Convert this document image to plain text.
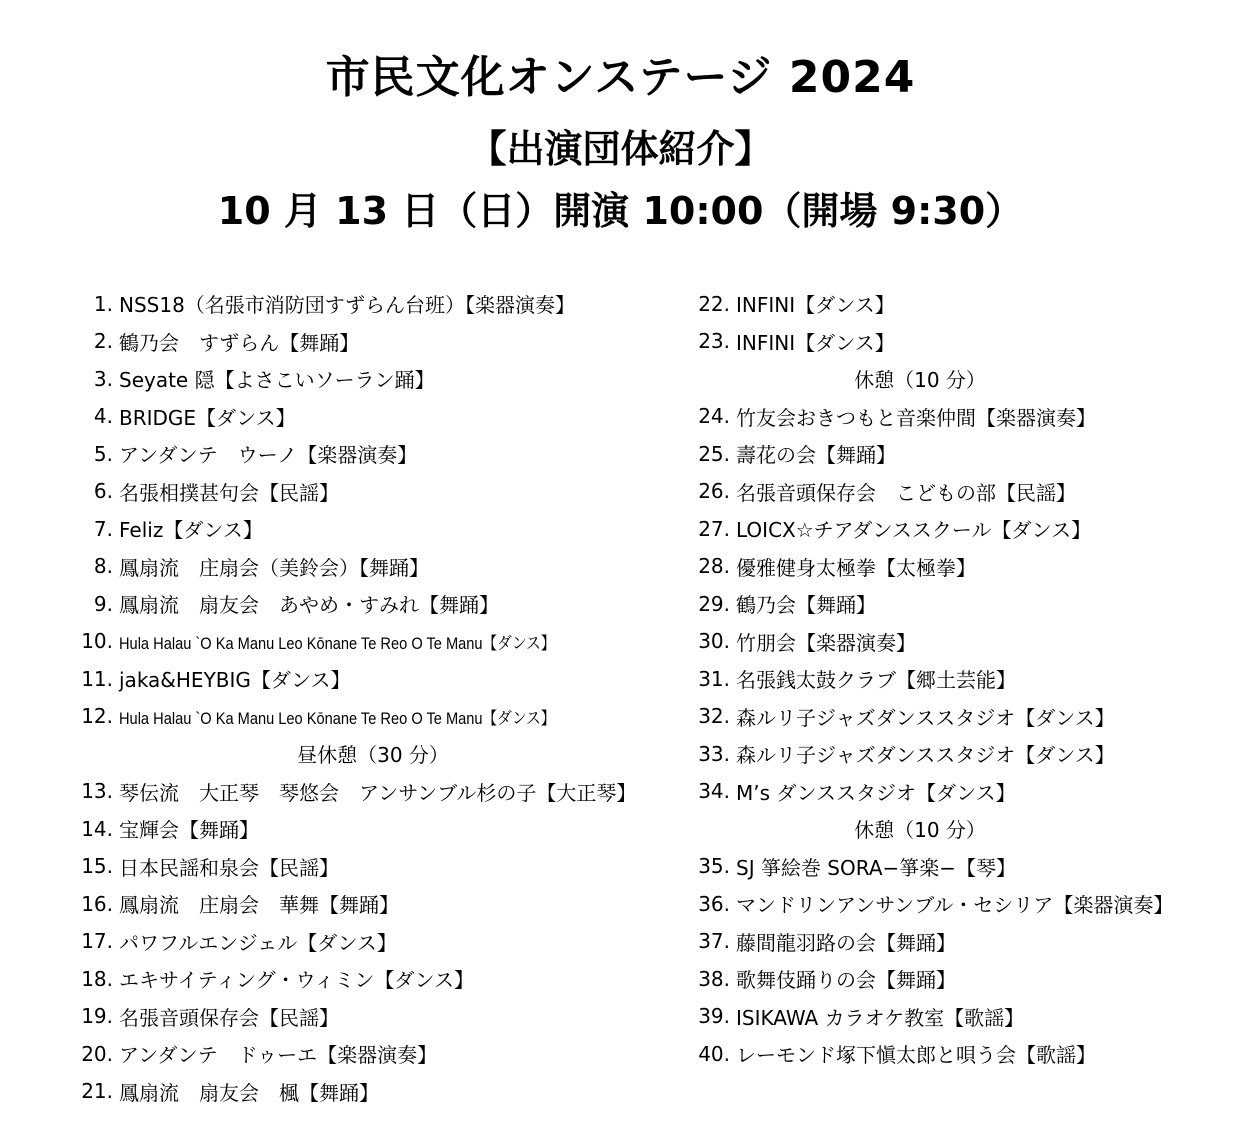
市民文化オンステージ 2024
【出演団体紹介】
10 月 13 日（日）開演 10:00（開場 9:30）
1. NSS18（名張市消防団すずらん台班）【楽器演奏】
2. 鶴乃会　すずらん【舞踊】
3. Seyate 隠【よさこいソーラン踊】
4. BRIDGE【ダンス】
5. アンダンテ　ウーノ【楽器演奏】
6. 名張相撲甚句会【民謡】
7. Feliz【ダンス】
8. 鳳扇流　庄扇会（美鈴会）【舞踊】
9. 鳳扇流　扇友会　あやめ・すみれ【舞踊】
10. Hula Halau `O Ka Manu Leo Kōnane Te Reo O Te Manu【ダンス】
11. jaka&HEYBIG【ダンス】
12. Hula Halau `O Ka Manu Leo Kōnane Te Reo O Te Manu【ダンス】
昼休憩（30 分）
13. 琴伝流　大正琴　琴悠会　アンサンブル杉の子【大正琴】
14. 宝輝会【舞踊】
15. 日本民謡和泉会【民謡】
16. 鳳扇流　庄扇会　華舞【舞踊】
17. パワフルエンジェル【ダンス】
18. エキサイティング・ウィミン【ダンス】
19. 名張音頭保存会【民謡】
20. アンダンテ　ドゥーエ【楽器演奏】
21. 鳳扇流　扇友会　楓【舞踊】
22. INFINI【ダンス】
23. INFINI【ダンス】
休憩（10 分）
24. 竹友会おきつもと音楽仲間【楽器演奏】
25. 壽花の会【舞踊】
26. 名張音頭保存会　こどもの部【民謡】
27. LOICX☆チアダンススクール【ダンス】
28. 優雅健身太極拳【太極拳】
29. 鶴乃会【舞踊】
30. 竹朋会【楽器演奏】
31. 名張銭太鼓クラブ【郷土芸能】
32. 森ルリ子ジャズダンススタジオ【ダンス】
33. 森ルリ子ジャズダンススタジオ【ダンス】
34. M’s ダンススタジオ【ダンス】
休憩（10 分）
35. SJ 箏絵巻 SORA−箏楽−【琴】
36. マンドリンアンサンブル・セシリア【楽器演奏】
37. 藤間龍羽路の会【舞踊】
38. 歌舞伎踊りの会【舞踊】
39. ISIKAWA カラオケ教室【歌謡】
40. レーモンド塚下愼太郎と唄う会【歌謡】
